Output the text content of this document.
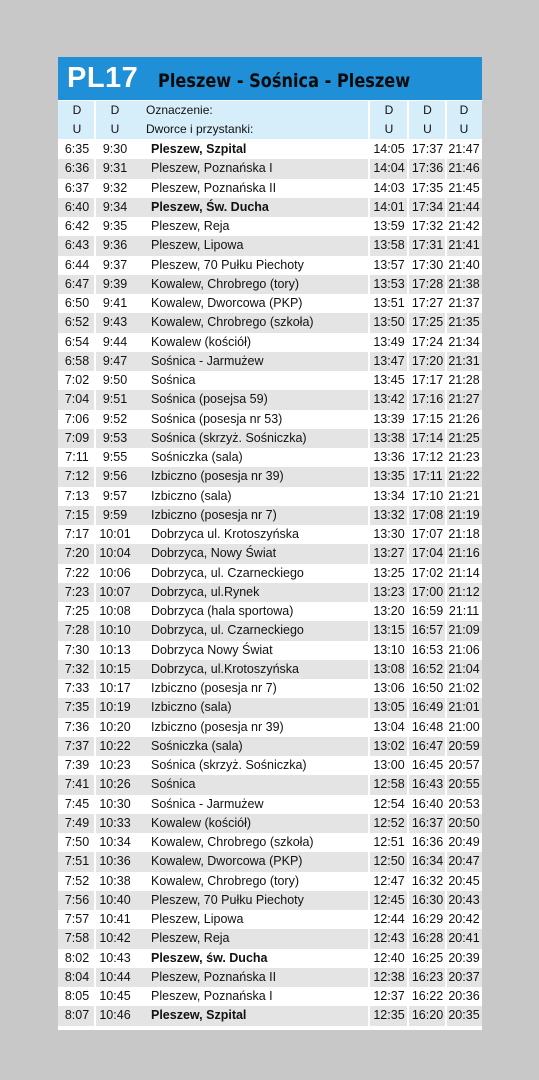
PL17 Pleszew - Sośnica - Pleszew
D
U
D
U
Oznaczenie:
Dworce i przystanki:
D
U
D
U
D
U
6:35	9:30	Pleszew, Szpital	14:05 17:37 21:47
6:36	9:31	Pleszew, Poznańska I	14:04 17:36 21:46
6:37	9:32	Pleszew, Poznańska II	14:03 17:35 21:45
6:40	9:34	Pleszew, Św. Ducha	14:01 17:34 21:44
6:42	9:35	Pleszew, Reja	13:59 17:32 21:42
6:43	9:36	Pleszew, Lipowa	13:58 17:31 21:41
6:44	9:37	Pleszew, 70 Pułku Piechoty	13:57 17:30 21:40
6:47	9:39	Kowalew, Chrobrego (tory)	13:53 17:28 21:38
6:50	9:41	Kowalew, Dworcowa (PKP)	13:51 17:27 21:37
6:52	9:43	Kowalew, Chrobrego (szkoła)	13:50 17:25 21:35
6:54	9:44	Kowalew (kościół)	13:49 17:24 21:34
6:58	9:47	Sośnica - Jarmużew	13:47 17:20 21:31
7:02	9:50	Sośnica	13:45 17:17 21:28
7:04	9:51	Sośnica (posejsa 59)	13:42 17:16 21:27
7:06	9:52	Sośnica (posesja nr 53)	13:39 17:15 21:26
7:09	9:53	Sośnica (skrzyż. Sośniczka)	13:38 17:14 21:25
7:11	9:55	Sośniczka (sala)	13:36 17:12 21:23
7:12	9:56	Izbiczno (posesja nr 39)	13:35 17:11 21:22
7:13	9:57	Izbiczno (sala)	13:34 17:10 21:21
7:15	9:59	Izbiczno (posesja nr 7)	13:32 17:08 21:19
7:17 10:01 Dobrzyca ul. Krotoszyńska	13:30 17:07 21:18
7:20 10:04 Dobrzyca, Nowy Świat	13:27 17:04 21:16
7:22 10:06 Dobrzyca, ul. Czarneckiego	13:25 17:02 21:14
7:23 10:07 Dobrzyca, ul.Rynek	13:23 17:00 21:12
7:25 10:08 Dobrzyca (hala sportowa)	13:20 16:59 21:11
7:28 10:10 Dobrzyca, ul. Czarneckiego	13:15 16:57 21:09
7:30 10:13 Dobrzyca Nowy Świat	13:10 16:53 21:06
7:32 10:15 Dobrzyca, ul.Krotoszyńska	13:08 16:52 21:04
7:33 10:17 Izbiczno (posesja nr 7)	13:06 16:50 21:02
7:35 10:19 Izbiczno (sala)	13:05 16:49 21:01
7:36 10:20 Izbiczno (posesja nr 39)	13:04 16:48 21:00
7:37 10:22 Sośniczka (sala)	13:02 16:47 20:59
7:39 10:23 Sośnica (skrzyż. Sośniczka)	13:00 16:45 20:57
7:41 10:26 Sośnica	12:58 16:43 20:55
7:45 10:30 Sośnica - Jarmużew	12:54 16:40 20:53
7:49 10:33 Kowalew (kościół)	12:52 16:37 20:50
7:50 10:34 Kowalew, Chrobrego (szkoła)	12:51 16:36 20:49
7:51 10:36 Kowalew, Dworcowa (PKP)	12:50 16:34 20:47
7:52 10:38 Kowalew, Chrobrego (tory)	12:47 16:32 20:45
7:56 10:40 Pleszew, 70 Pułku Piechoty	12:45 16:30 20:43
7:57 10:41 Pleszew, Lipowa	12:44 16:29 20:42
7:58 10:42 Pleszew, Reja	12:43 16:28 20:41
8:02 10:43 Pleszew, św. Ducha	12:40 16:25 20:39
8:04 10:44 Pleszew, Poznańska II	12:38 16:23 20:37
8:05 10:45 Pleszew, Poznańska I	12:37 16:22 20:36
8:07 10:46 Pleszew, Szpital	12:35 16:20 20:35
